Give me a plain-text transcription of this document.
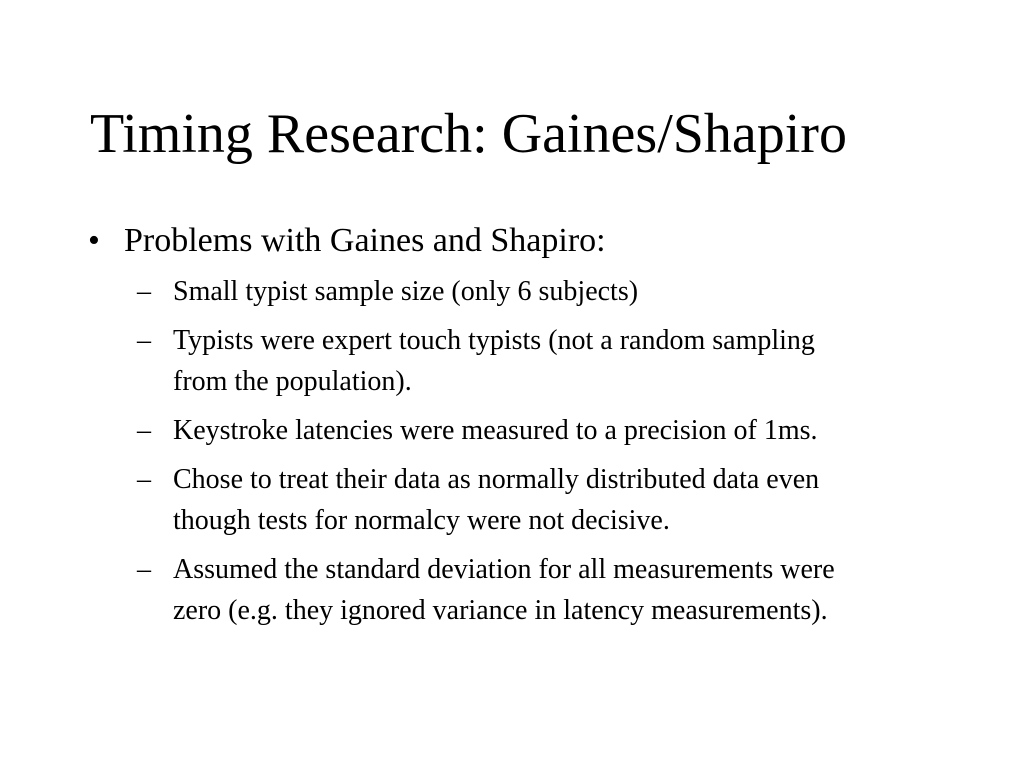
Timing Research: Gaines/Shapiro
• Problems with Gaines and Shapiro:
– Small typist sample size (only 6 subjects)
– Typists were expert touch typists (not a random sampling from the population).
– Keystroke latencies were measured to a precision of 1ms.
– Chose to treat their data as normally distributed data even though tests for normalcy were not decisive.
– Assumed the standard deviation for all measurements were zero (e.g. they ignored variance in latency measurements).
